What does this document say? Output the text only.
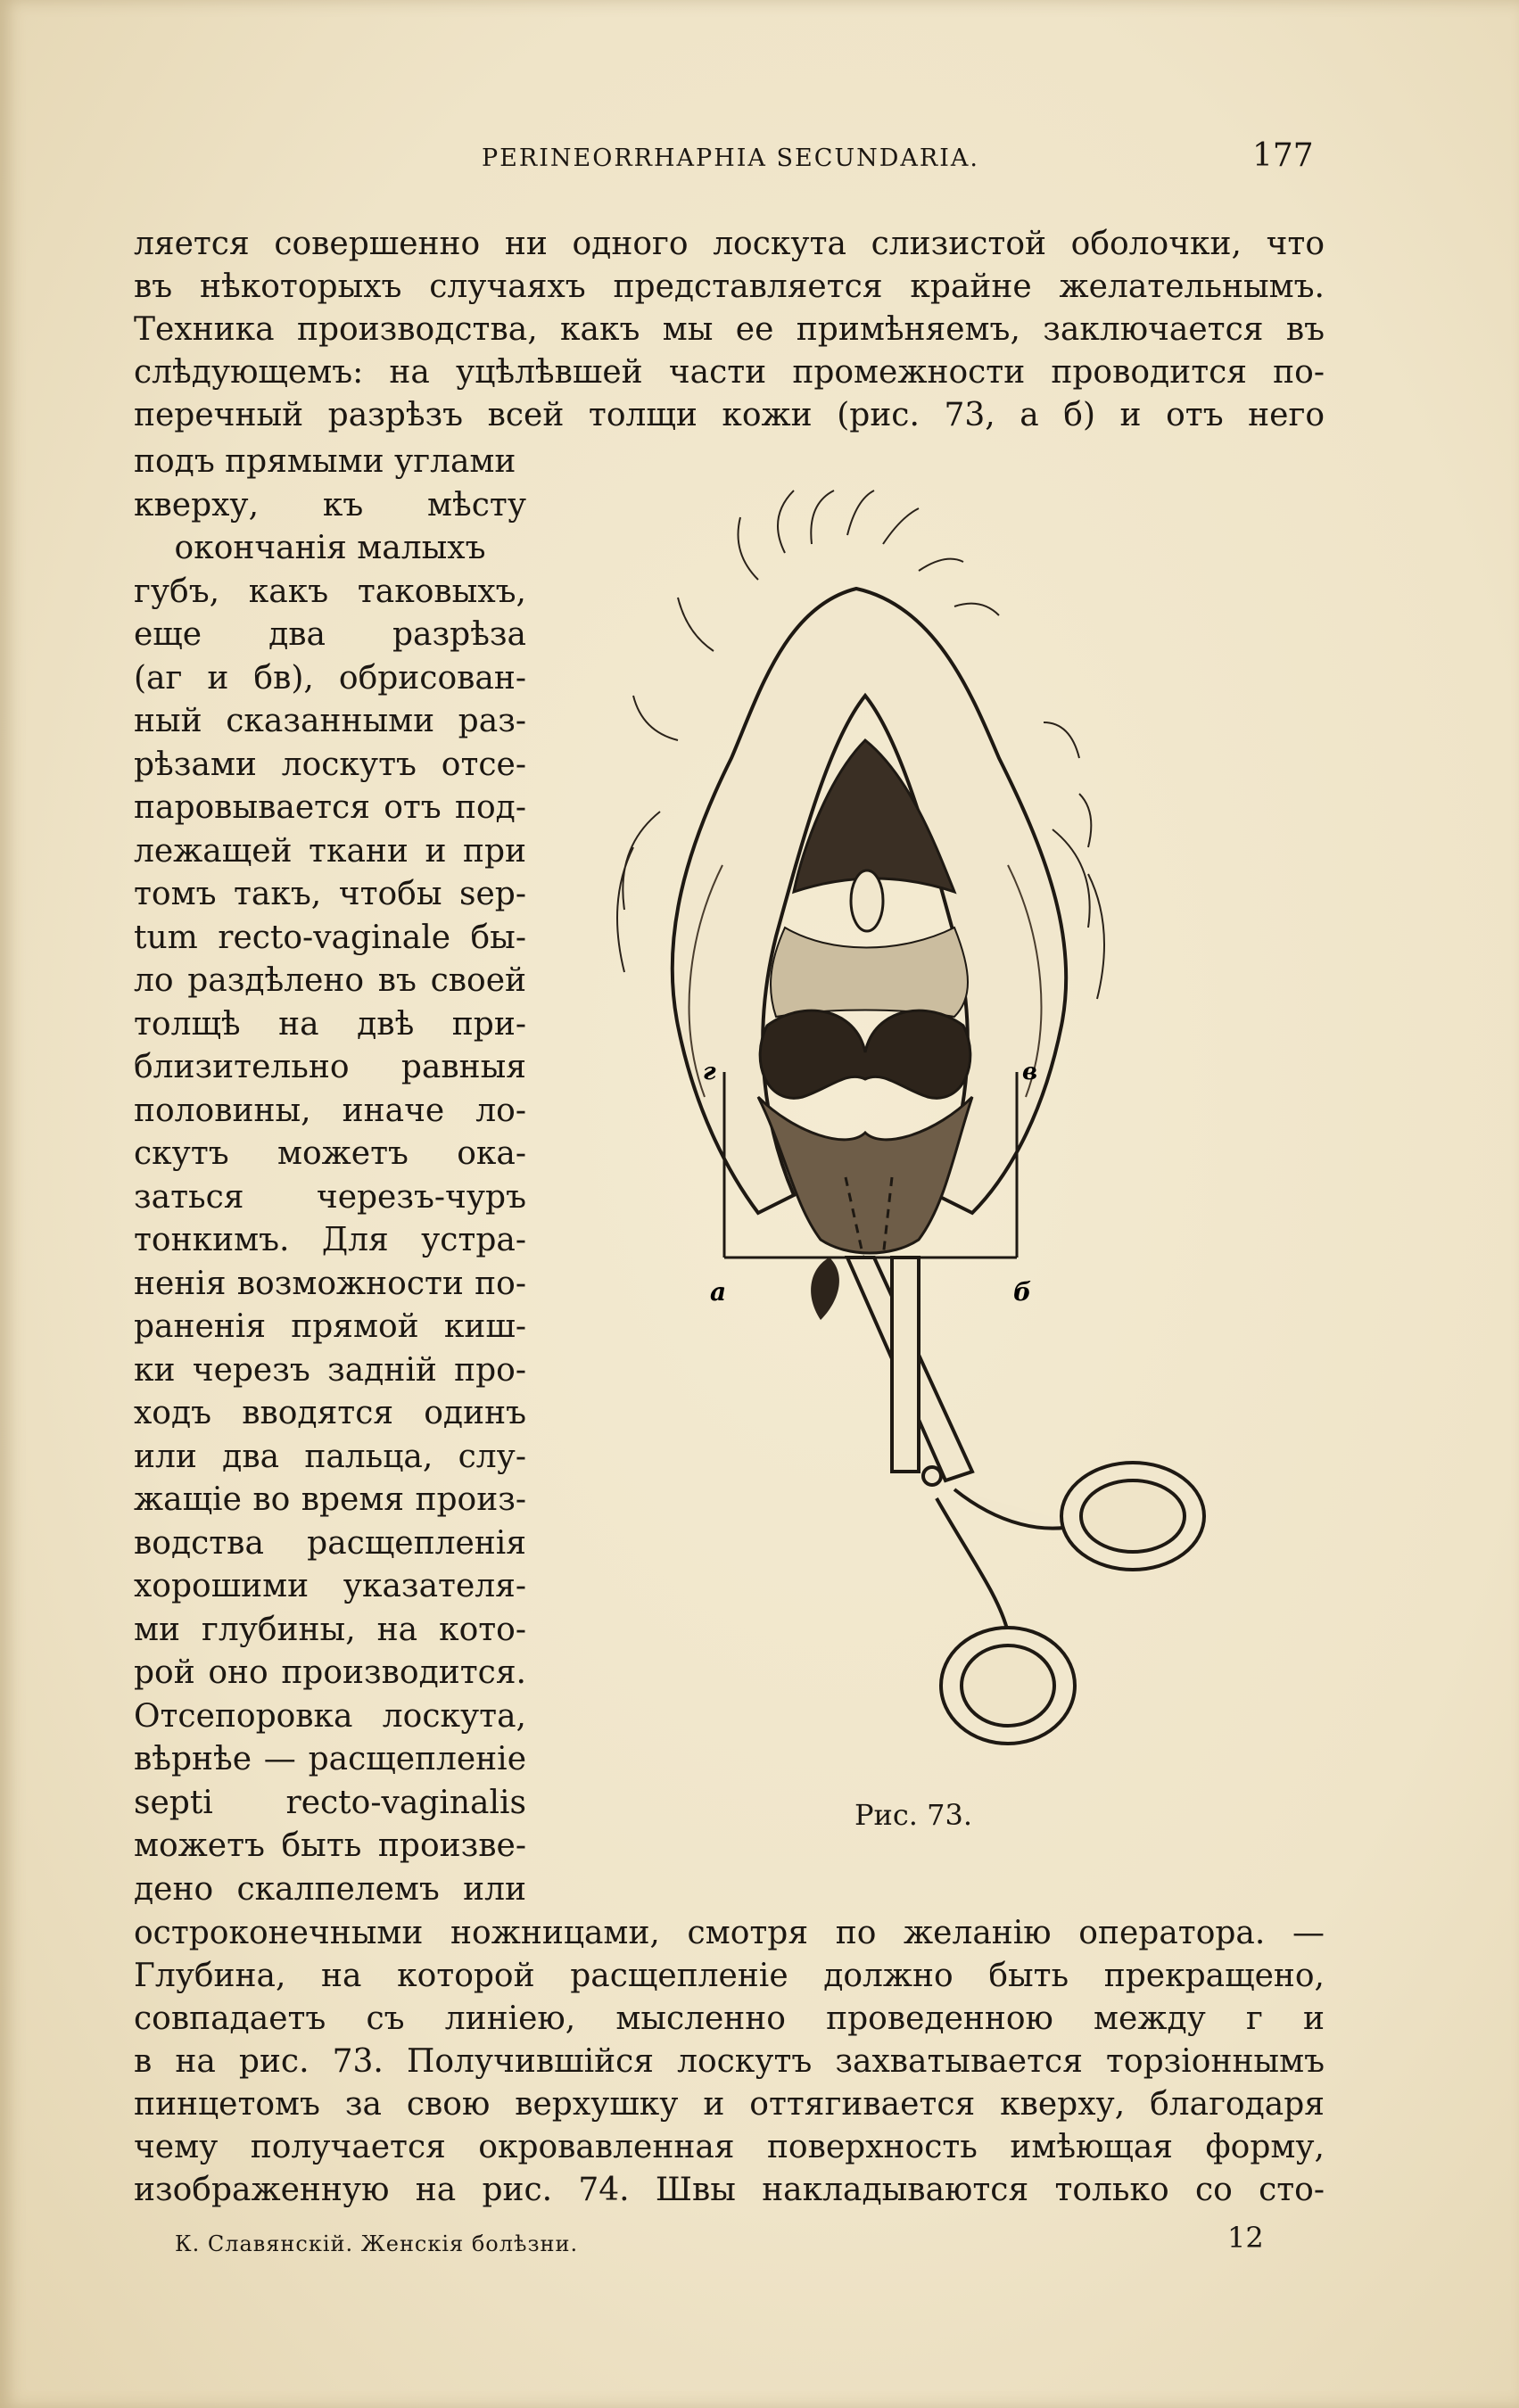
PERINEORRHAPHIA SECUNDARIA.	177
ляется совершенно ни одного лоскута слизистой оболочки, что
въ нѣкоторыхъ случаяхъ представляется крайне желательнымъ.
Техника производства, какъ мы ее примѣняемъ, заключается въ
слѣдующемъ: на уцѣлѣвшей части промежности проводится по-
перечный разрѣзъ всей толщи кожи (рис. 73, а б) и отъ него
подъ прямыми углами
кверху, къ мѣсту
окончанія малыхъ
губъ, какъ таковыхъ,
еще два разрѣза
(аг и бв), обрисован-
ный сказанными раз-
рѣзами лоскутъ отсе-
паровывается отъ под-
лежащей ткани и при
томъ такъ, чтобы sep-
tum recto-vaginale бы-
ло раздѣлено въ своей
толщѣ на двѣ при-
близительно равныя
половины, иначе ло-
скутъ можетъ ока-
заться черезъ-чуръ
тонкимъ. Для устра-
ненія возможности по-
раненія прямой киш-
ки черезъ задній про-
ходъ вводятся одинъ
или два пальца, слу-
жащіе во время произ-
водства расщепленія
хорошими указателя-
ми глубины, на кото-
рой оно производится.
Отсепоровка лоскута,
вѣрнѣе — расщепленіе
septi recto-vaginalis
можетъ быть произве-
дено скалпелемъ или
г	в
а	б
Рис. 73.
остроконечными ножницами, смотря по желанію оператора. —
Глубина, на которой расщепленіе должно быть прекращено,
совпадаетъ съ линіею, мысленно проведенною между г и
в на рис. 73. Получившійся лоскутъ захватывается торзіоннымъ
пинцетомъ за свою верхушку и оттягивается кверху, благодаря
чему получается окровавленная поверхность имѣющая форму,
изображенную на рис. 74. Швы накладываются только со сто-
К. Славянскій. Женскія болѣзни.	12
